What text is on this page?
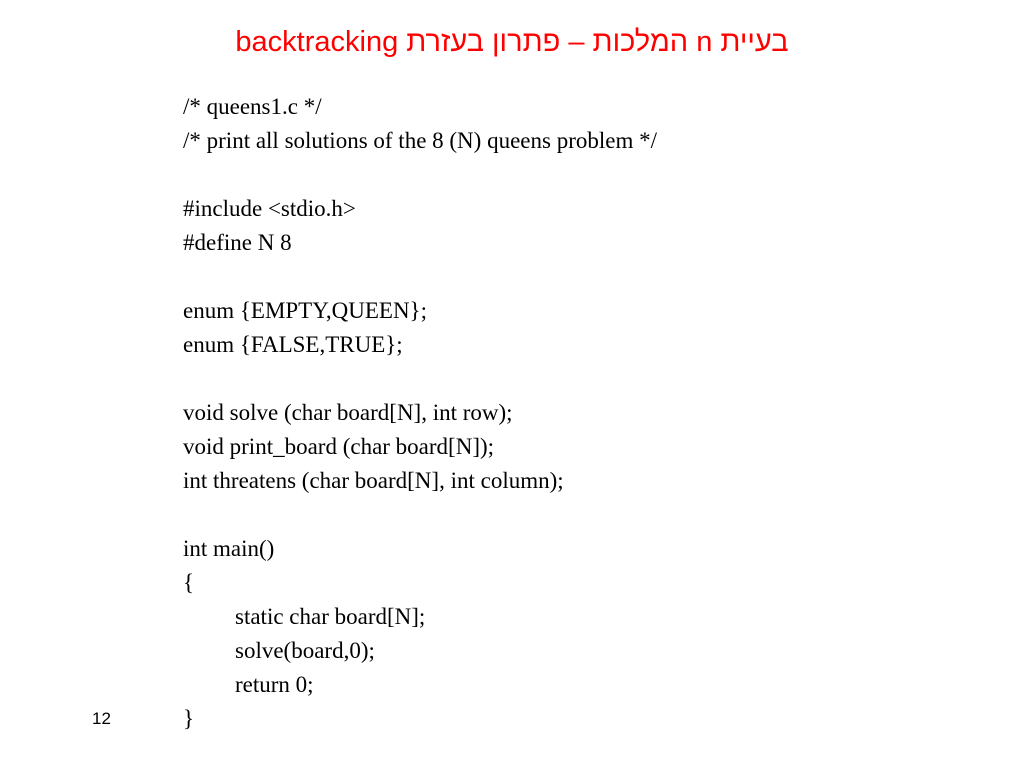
בעיית n המלכות – פתרון בעזרת backtracking
/* queens1.c */
/* print all solutions of the 8 (N) queens problem */
#include <stdio.h>
#define N 8
enum {EMPTY,QUEEN};
enum {FALSE,TRUE};
void solve (char board[N], int row);
void print_board (char board[N]);
int threatens (char board[N], int column);
int main()
{
static char board[N];
solve(board,0);
return 0;
}
12
